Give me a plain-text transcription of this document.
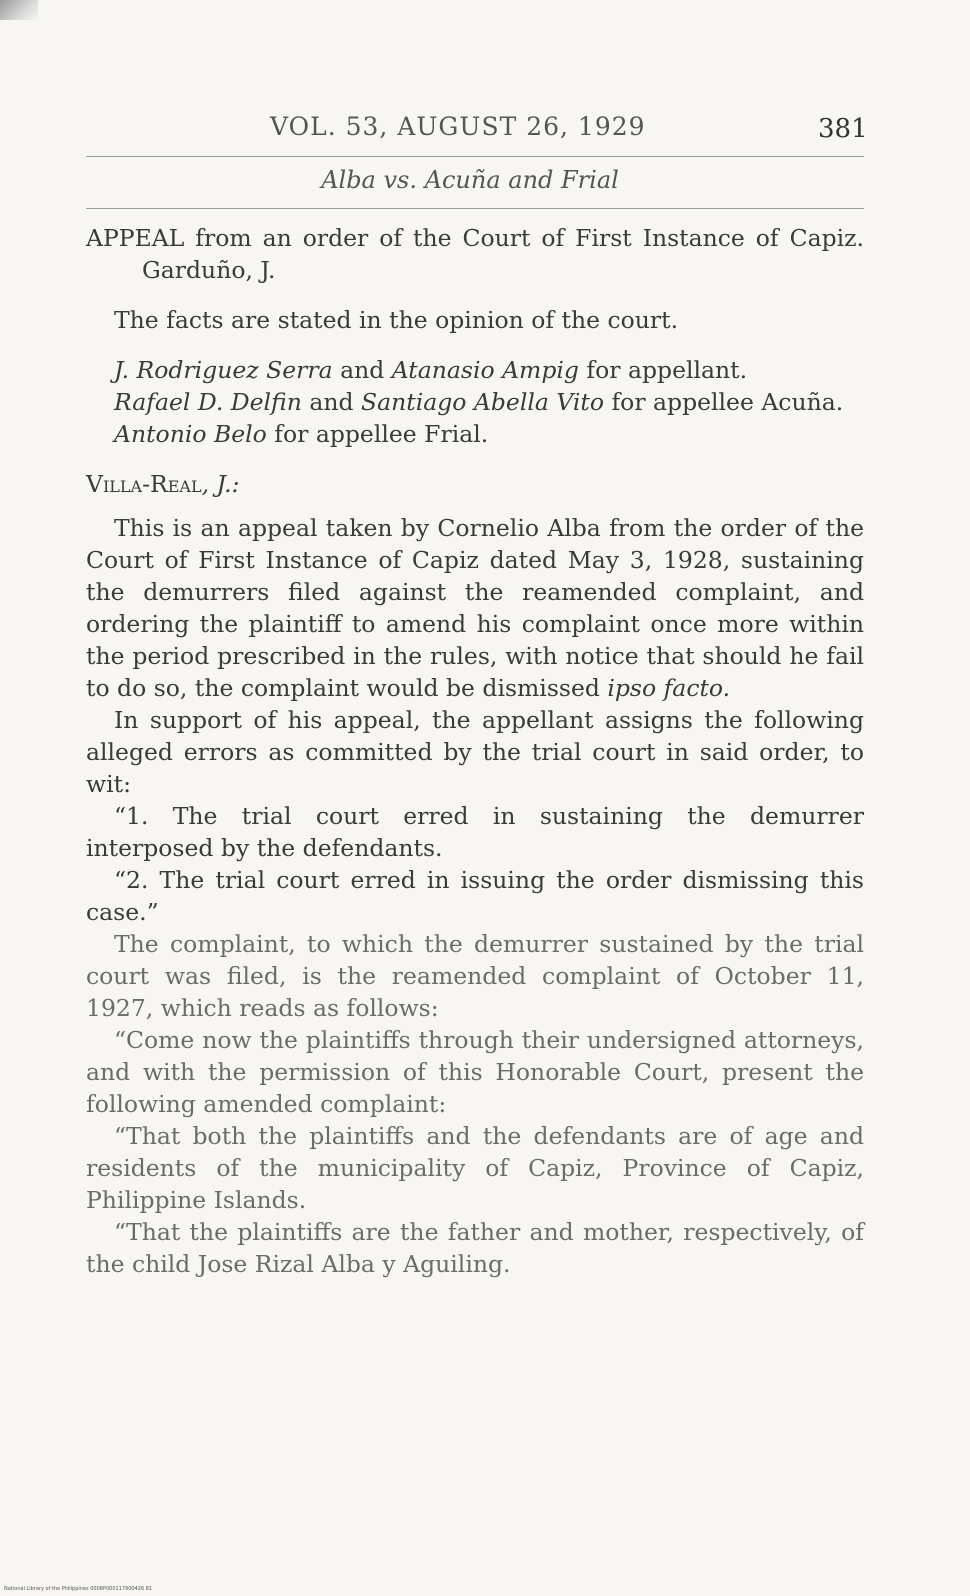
VOL. 53, AUGUST 26, 1929	381
Alba vs. Acuña and Frial

APPEAL from an order of the Court of First Instance of Capiz. Garduño, J.

The facts are stated in the opinion of the court.

J. Rodriguez Serra and Atanasio Ampig for appellant.

Rafael D. Delfin and Santiago Abella Vito for appellee Acuña.

Antonio Belo for appellee Frial.

Villa-Real, J.:

This is an appeal taken by Cornelio Alba from the order of the Court of First Instance of Capiz dated May 3, 1928, sustaining the demurrers filed against the reamended complaint, and ordering the plaintiff to amend his complaint once more within the period prescribed in the rules, with notice that should he fail to do so, the complaint would be dismissed ipso facto.

In support of his appeal, the appellant assigns the following alleged errors as committed by the trial court in said order, to wit:

“1. The trial court erred in sustaining the demurrer interposed by the defendants.

“2. The trial court erred in issuing the order dismissing this case.”

The complaint, to which the demurrer sustained by the trial court was filed, is the reamended complaint of October 11, 1927, which reads as follows:

“Come now the plaintiffs through their undersigned attorneys, and with the permission of this Honorable Court, present the following amended complaint:

“That both the plaintiffs and the defendants are of age and residents of the municipality of Capiz, Province of Capiz, Philippine Islands.

“That the plaintiffs are the father and mother, respectively, of the child Jose Rizal Alba y Aguiling.

National Library of the Philippines 0008P000117900426 81
